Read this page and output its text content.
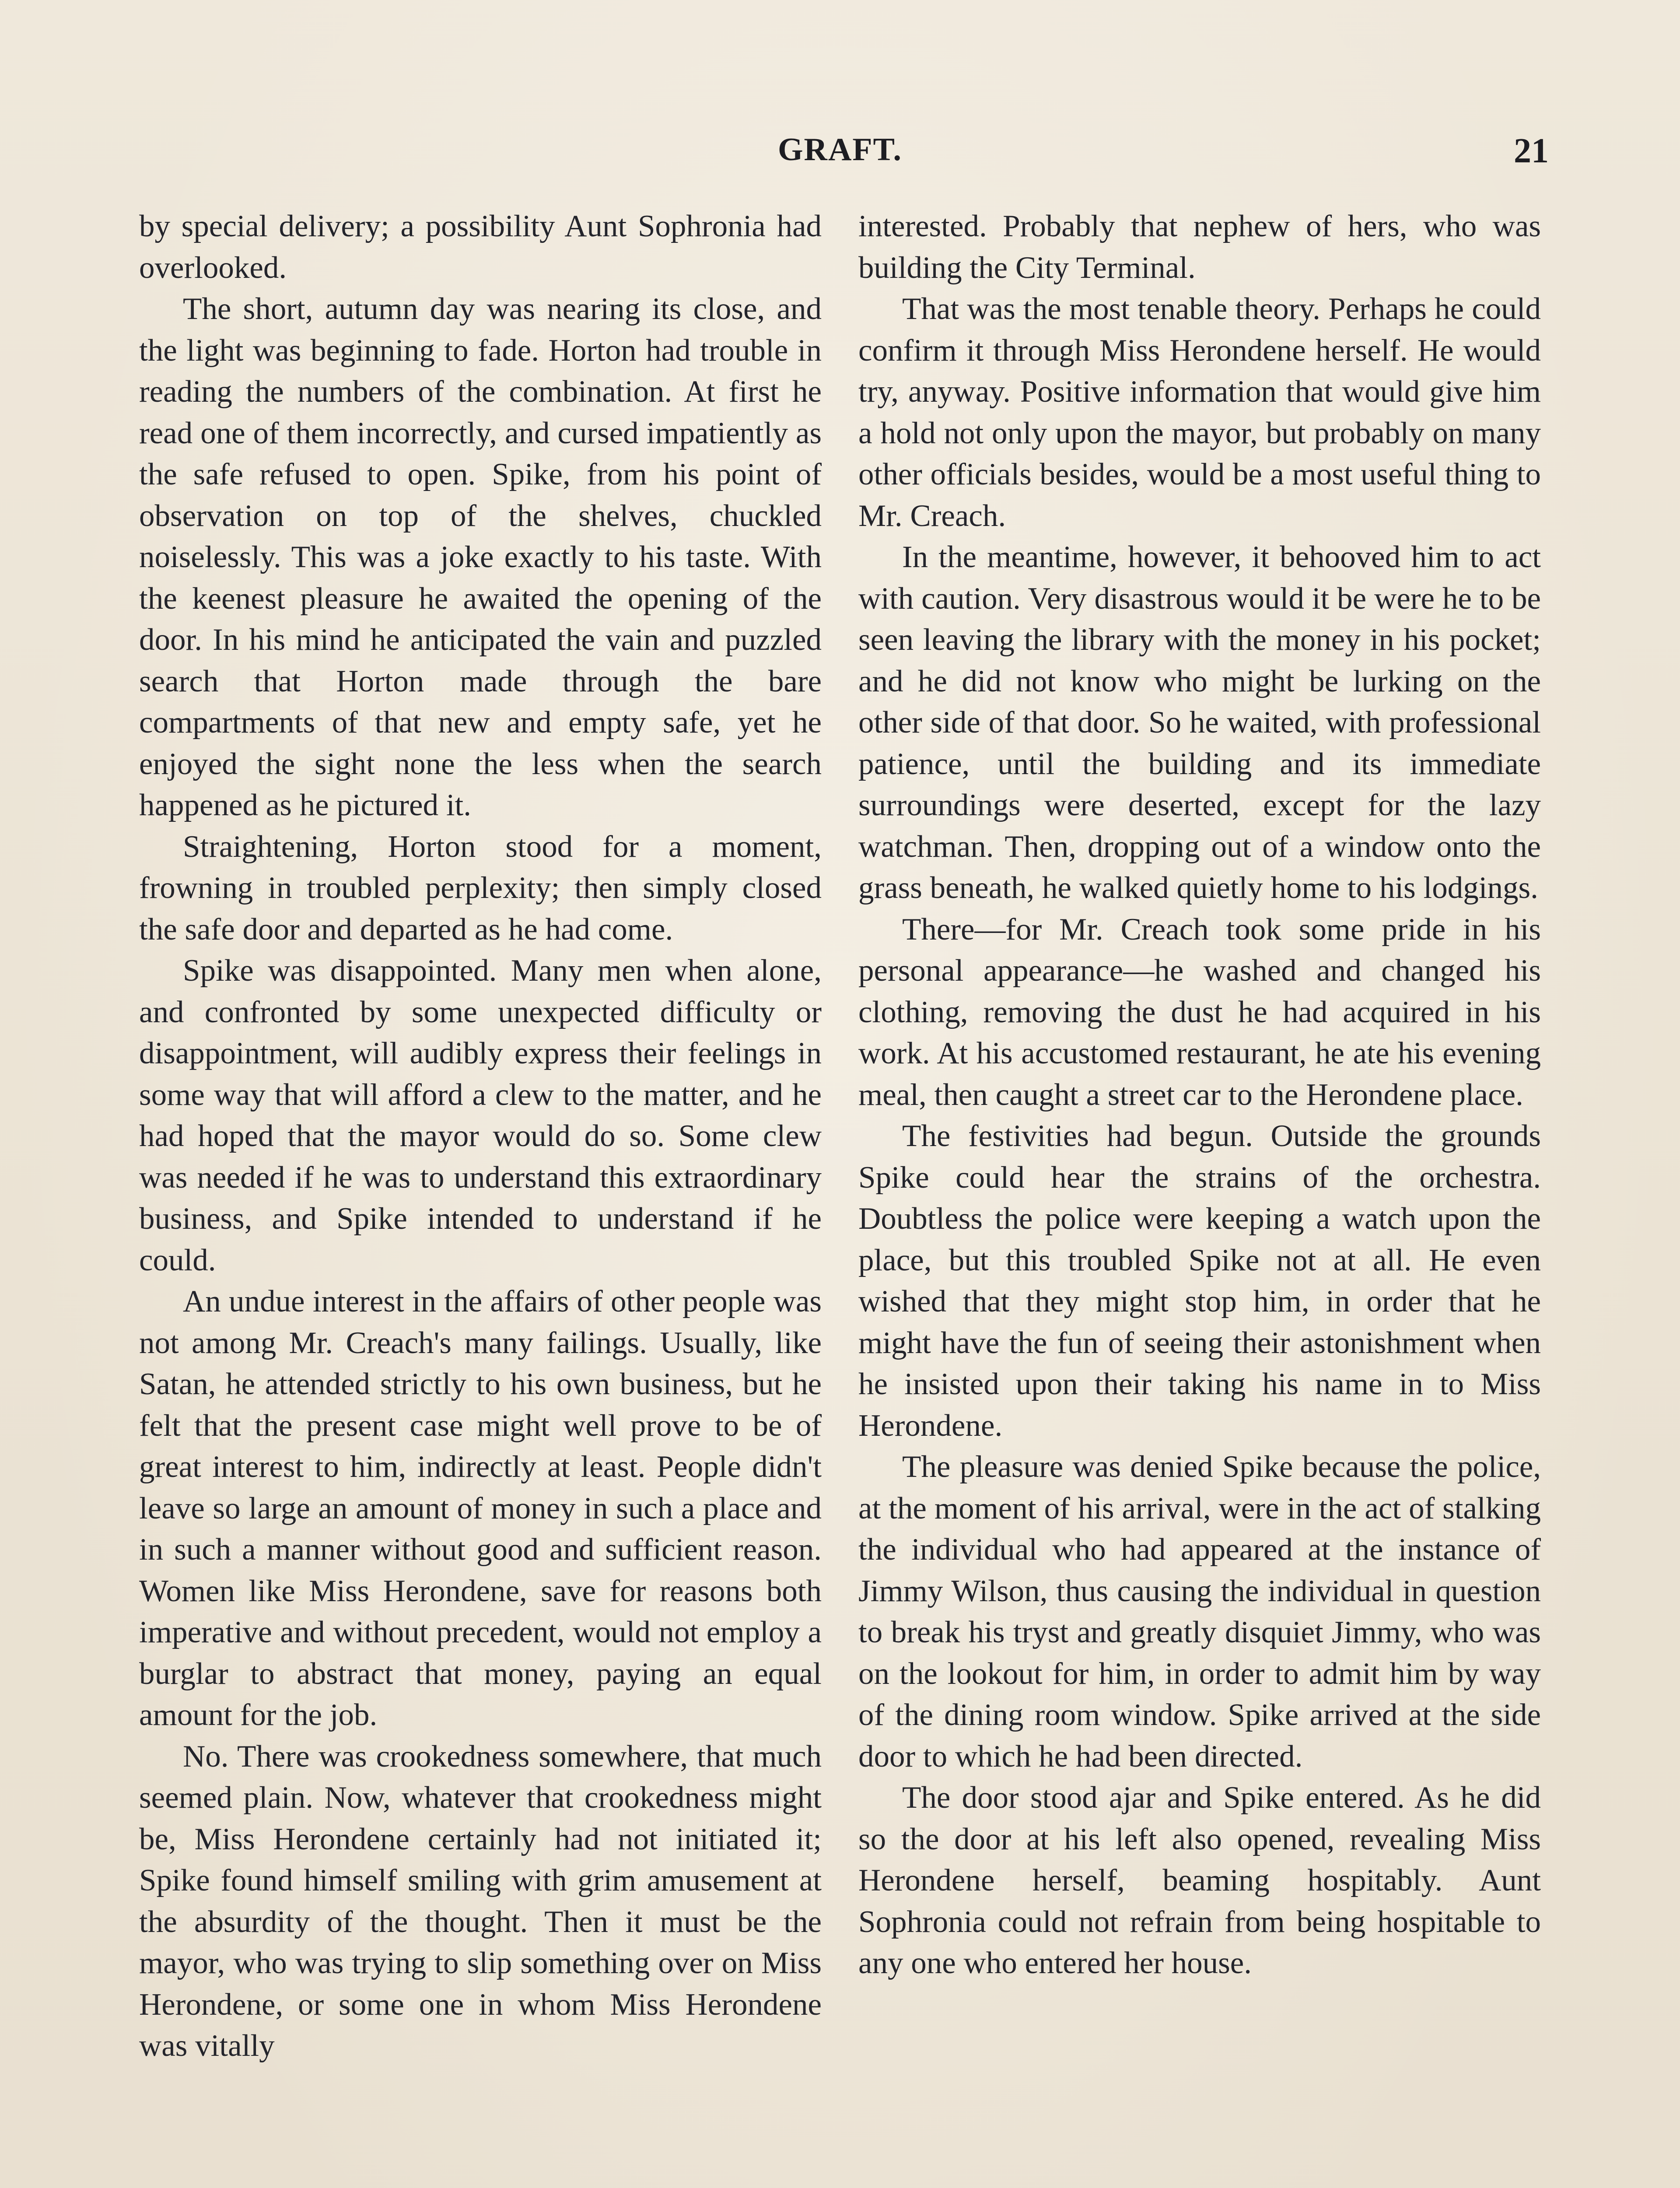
GRAFT.	21

by special delivery; a possibility Aunt Sophronia had overlooked.

The short, autumn day was nearing its close, and the light was beginning to fade. Horton had trouble in reading the numbers of the combination. At first he read one of them incorrectly, and cursed impatiently as the safe refused to open. Spike, from his point of observation on top of the shelves, chuckled noiselessly. This was a joke exactly to his taste. With the keenest pleasure he awaited the opening of the door. In his mind he anticipated the vain and puzzled search that Horton made through the bare compartments of that new and empty safe, yet he enjoyed the sight none the less when the search happened as he pictured it.

Straightening, Horton stood for a moment, frowning in troubled perplexity; then simply closed the safe door and departed as he had come.

Spike was disappointed. Many men when alone, and confronted by some unexpected difficulty or disappointment, will audibly express their feelings in some way that will afford a clew to the matter, and he had hoped that the mayor would do so. Some clew was needed if he was to understand this extraordinary business, and Spike intended to understand if he could.

An undue interest in the affairs of other people was not among Mr. Creach's many failings. Usually, like Satan, he attended strictly to his own business, but he felt that the present case might well prove to be of great interest to him, indirectly at least. People didn't leave so large an amount of money in such a place and in such a manner without good and sufficient reason. Women like Miss Herondene, save for reasons both imperative and without precedent, would not employ a burglar to abstract that money, paying an equal amount for the job.

No. There was crookedness somewhere, that much seemed plain. Now, whatever that crookedness might be, Miss Herondene certainly had not initiated it; Spike found himself smiling with grim amusement at the absurdity of the thought. Then it must be the mayor, who was trying to slip something over on Miss Herondene, or some one in whom Miss Herondene was vitally

interested. Probably that nephew of hers, who was building the City Terminal.

That was the most tenable theory. Perhaps he could confirm it through Miss Herondene herself. He would try, anyway. Positive information that would give him a hold not only upon the mayor, but probably on many other officials besides, would be a most useful thing to Mr. Creach.

In the meantime, however, it behooved him to act with caution. Very disastrous would it be were he to be seen leaving the library with the money in his pocket; and he did not know who might be lurking on the other side of that door. So he waited, with professional patience, until the building and its immediate surroundings were deserted, except for the lazy watchman. Then, dropping out of a window onto the grass beneath, he walked quietly home to his lodgings.

There—for Mr. Creach took some pride in his personal appearance—he washed and changed his clothing, removing the dust he had acquired in his work. At his accustomed restaurant, he ate his evening meal, then caught a street car to the Herondene place.

The festivities had begun. Outside the grounds Spike could hear the strains of the orchestra. Doubtless the police were keeping a watch upon the place, but this troubled Spike not at all. He even wished that they might stop him, in order that he might have the fun of seeing their astonishment when he insisted upon their taking his name in to Miss Herondene.

The pleasure was denied Spike because the police, at the moment of his arrival, were in the act of stalking the individual who had appeared at the instance of Jimmy Wilson, thus causing the individual in question to break his tryst and greatly disquiet Jimmy, who was on the lookout for him, in order to admit him by way of the dining room window. Spike arrived at the side door to which he had been directed.

The door stood ajar and Spike entered. As he did so the door at his left also opened, revealing Miss Herondene herself, beaming hospitably. Aunt Sophronia could not refrain from being hospitable to any one who entered her house.
